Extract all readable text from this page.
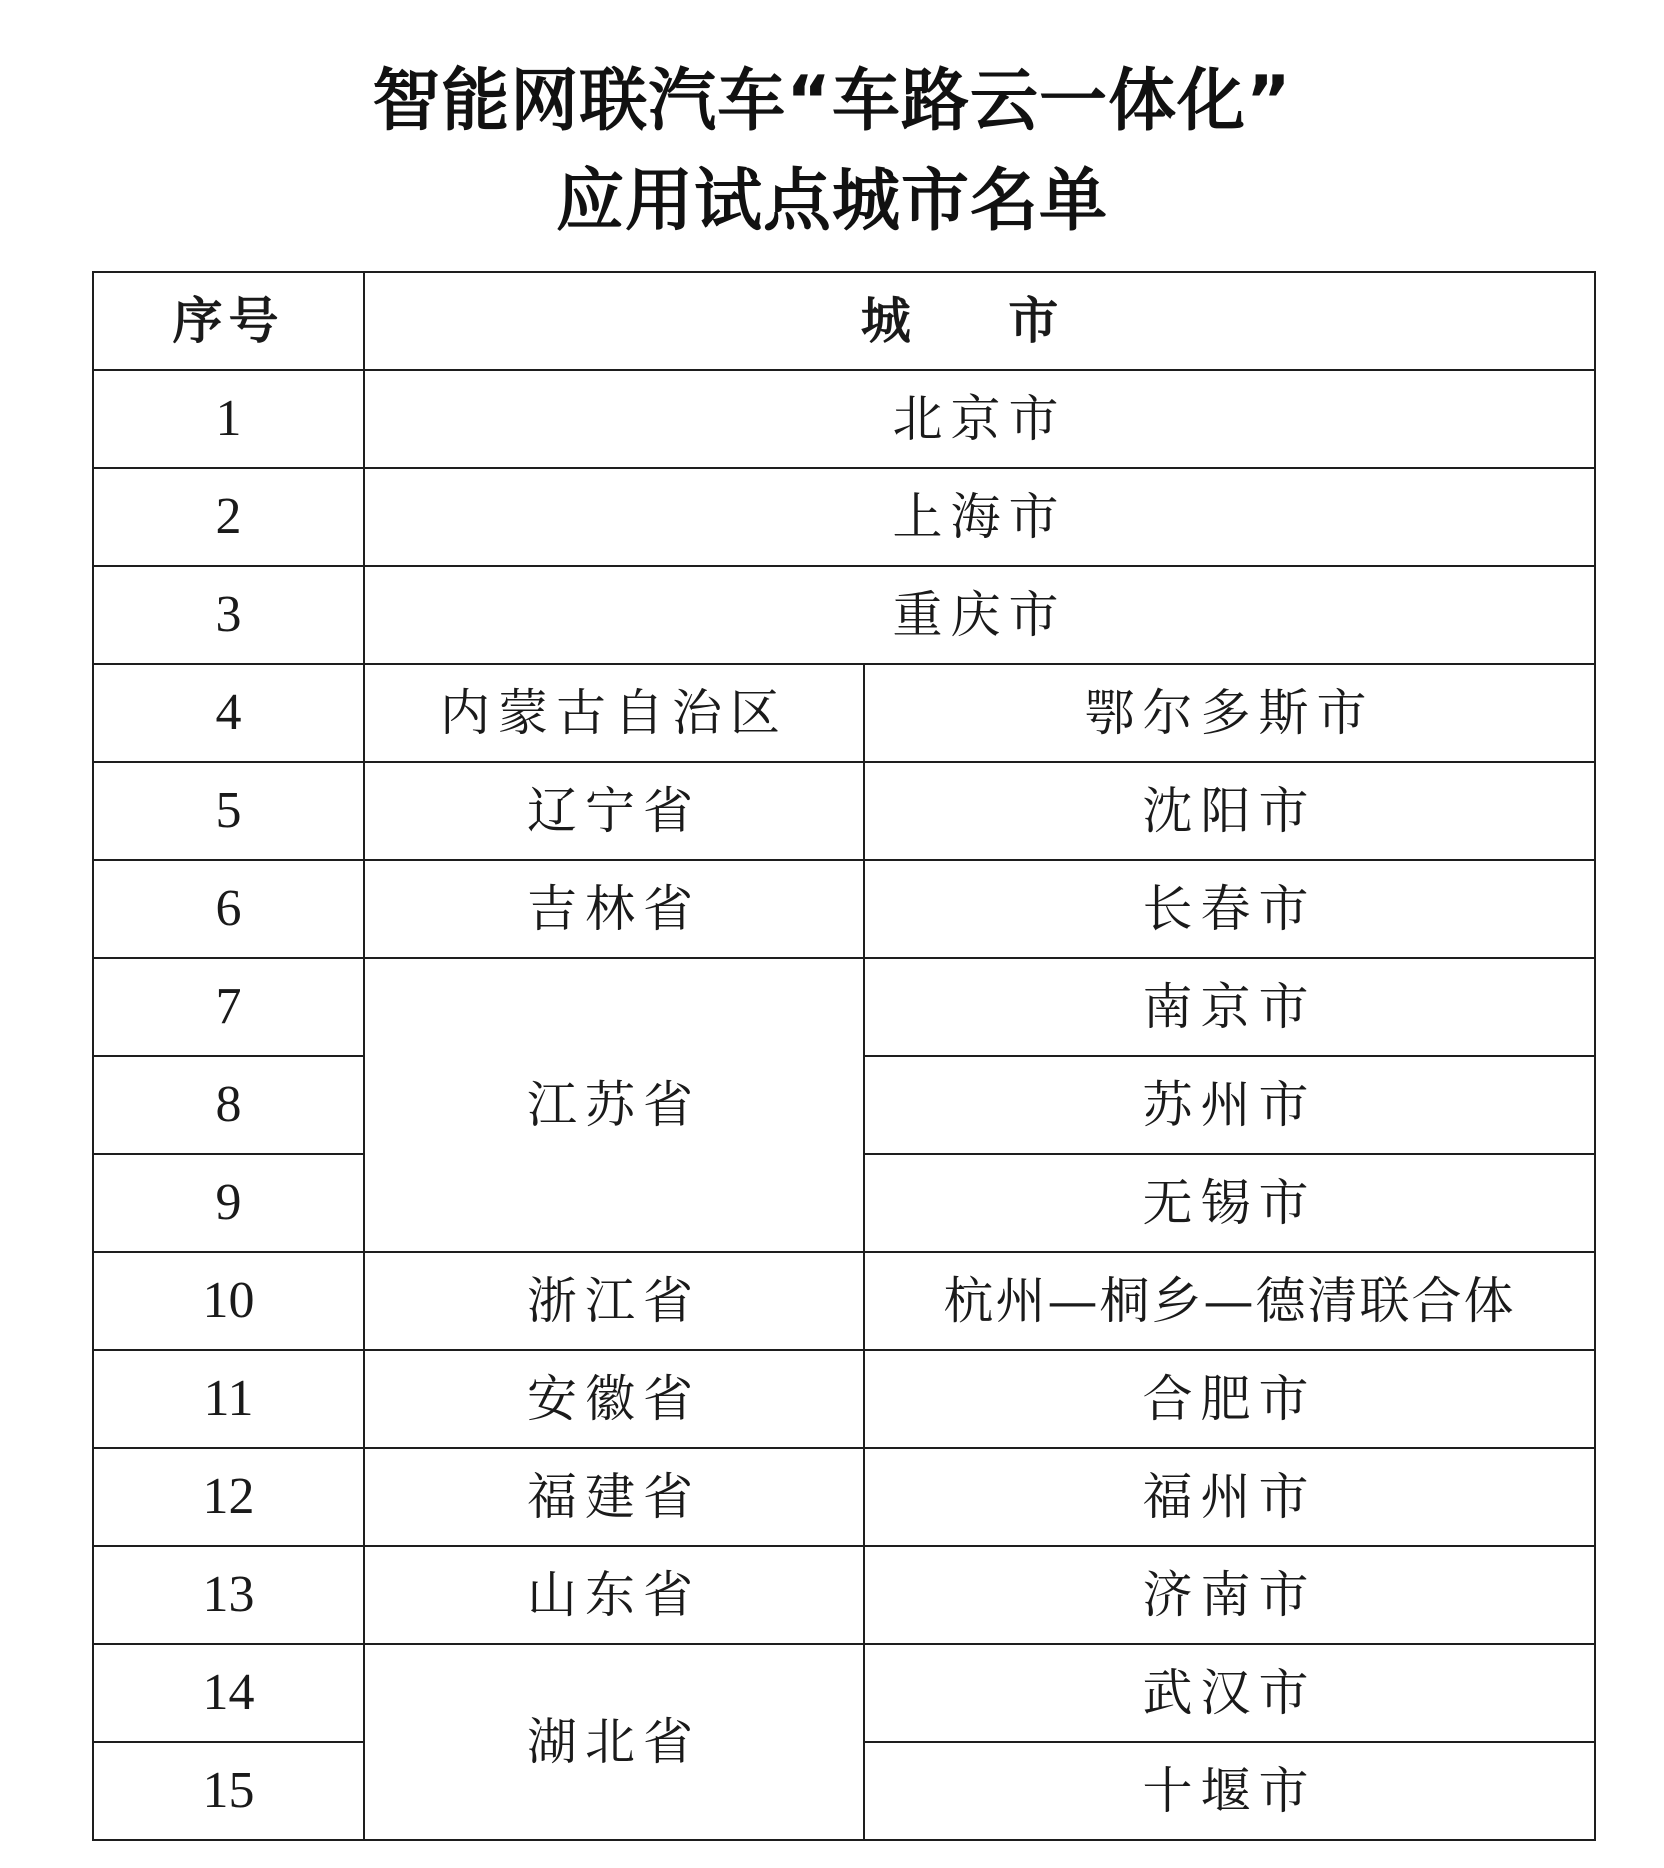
智能网联汽车“车路云一体化”
应用试点城市名单
序号	城 市	
1	北京市	
2	上海市	
3	重庆市	
4	内蒙古自治区	鄂尔多斯市
5	辽宁省	沈阳市
6	吉林省	长春市
7	江苏省	南京市
8		苏州市
9		无锡市
10	浙江省	杭州—桐乡—德清联合体
11	安徽省	合肥市
12	福建省	福州市
13	山东省	济南市
14	湖北省	武汉市
15		十堰市
